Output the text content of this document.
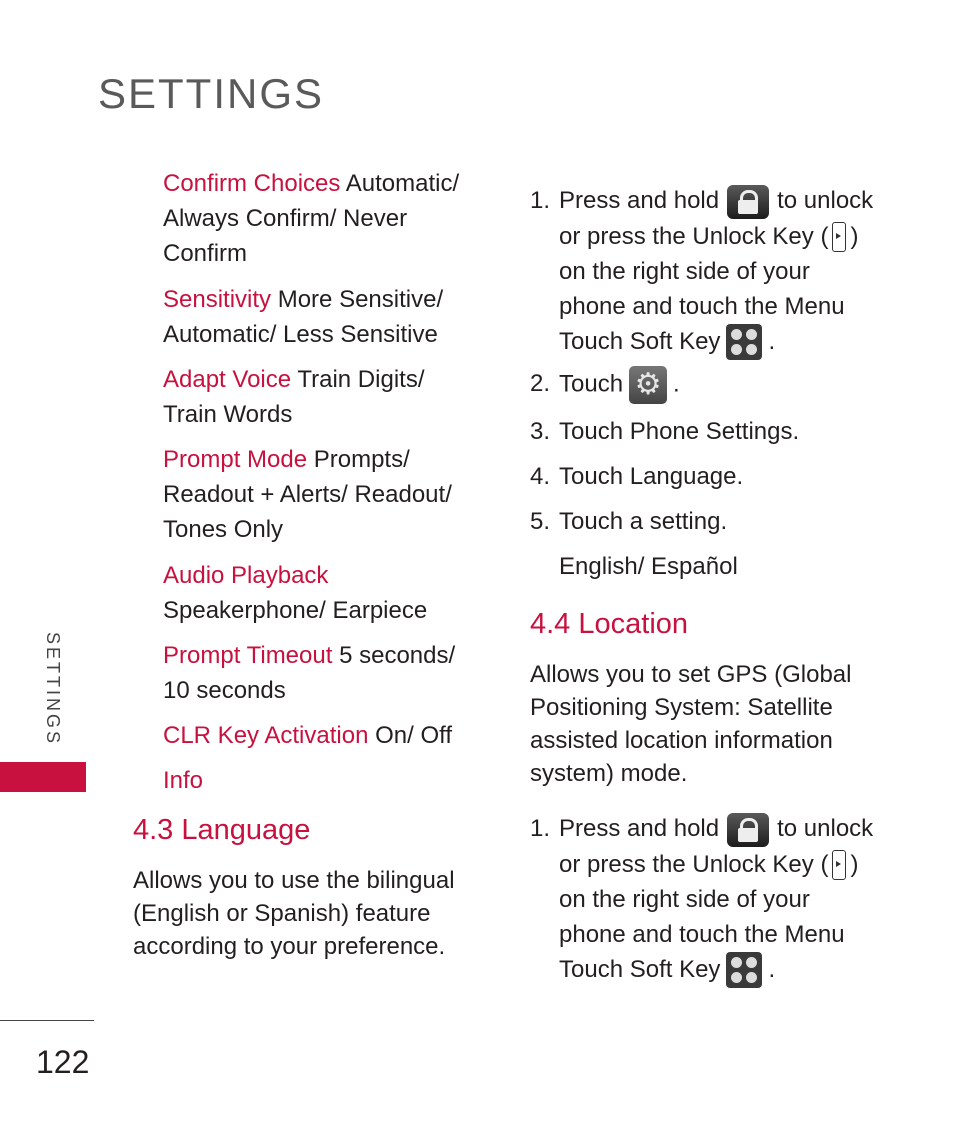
SETTINGS
SETTINGS
122
Confirm Choices Automatic/ Always Confirm/ Never Confirm
Sensitivity More Sensitive/ Automatic/ Less Sensitive
Adapt Voice Train Digits/ Train Words
Prompt Mode Prompts/ Readout + Alerts/ Readout/ Tones Only
Audio Playback
Speakerphone/ Earpiece
Prompt Timeout 5 seconds/ 10 seconds
CLR Key Activation On/ Off
Info
4.3 Language
Allows you to use the bilingual (English or Spanish) feature according to your preference.
1. Press and hold to unlock or press the Unlock Key ( ) on the right side of your phone and touch the Menu Touch Soft Key .
2. Touch ⚙ .
3. Touch Phone Settings.
4. Touch Language.
5. Touch a setting.
English/ Español
4.4 Location
Allows you to set GPS (Global Positioning System: Satellite assisted location information system) mode.
1. Press and hold to unlock or press the Unlock Key ( ) on the right side of your phone and touch the Menu Touch Soft Key .
